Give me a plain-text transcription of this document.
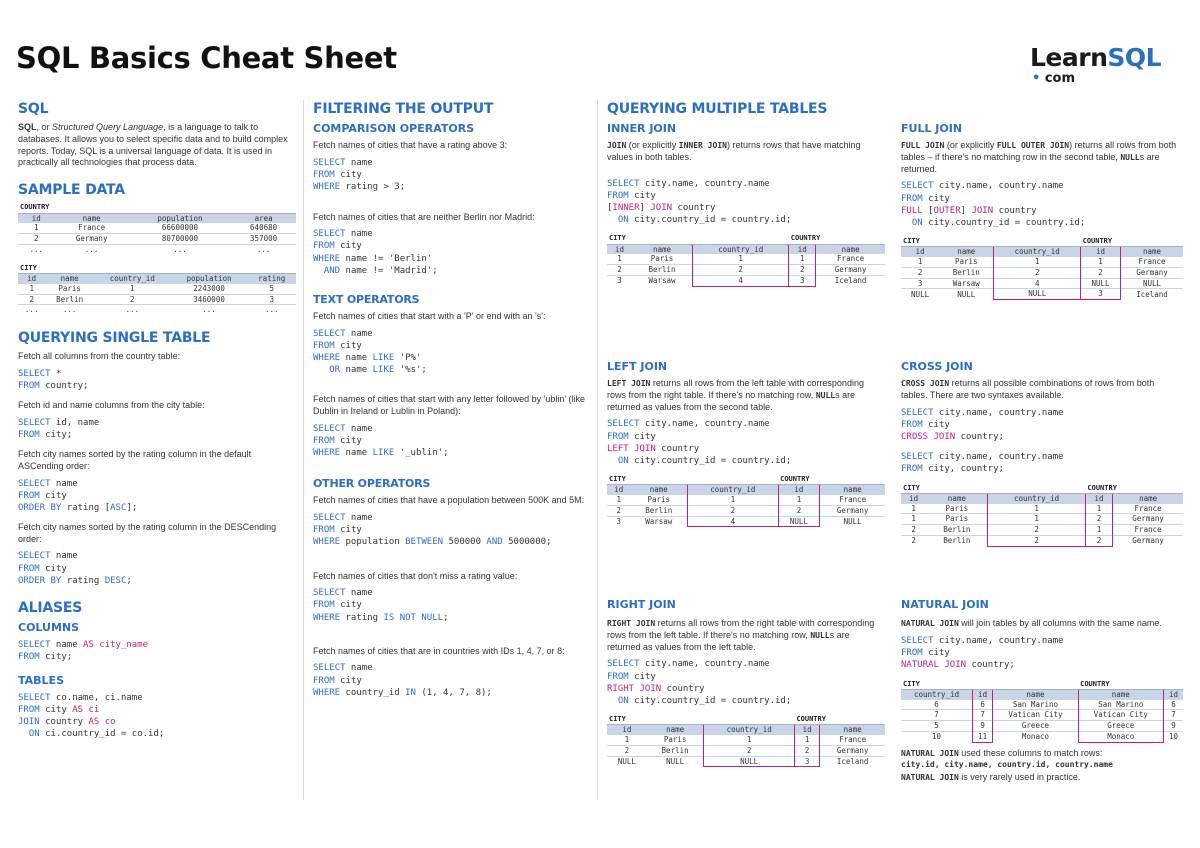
SQL Basics Cheat Sheet	LearnSQL
• com
SQL
SQL, or Structured Query Language, is a language to talk to databases. It allows you to select specific data and to build complex reports. Today, SQL is a universal language of data. It is used in practically all technologies that process data.
SAMPLE DATA
COUNTRY			
id	name	population	area
1	France	66600000	640680
2	Germany	80700000	357000
...	...	...	...
CITY				
id	name	country_id	population	rating
1	Paris	1	2243000	5
2	Berlin	2	3460000	3
...	...	...	...	...
QUERYING SINGLE TABLE
Fetch all columns from the country table:
SELECT *
FROM country;
Fetch id and name columns from the city table:
SELECT id, name
FROM city;
Fetch city names sorted by the rating column in the default ASCending order:
SELECT name
FROM city
ORDER BY rating [ASC];
Fetch city names sorted by the rating column in the DESCending order:
SELECT name
FROM city
ORDER BY rating DESC;
ALIASES
COLUMNS
SELECT name AS city_name
FROM city;
TABLES
SELECT co.name, ci.name
FROM city AS ci
JOIN country AS co
ON ci.country_id = co.id;
FILTERING THE OUTPUT
COMPARISON OPERATORS
Fetch names of cities that have a rating above 3:
SELECT name
FROM city
WHERE rating > 3;
Fetch names of cities that are neither Berlin nor Madrid:
SELECT name
FROM city
WHERE name != 'Berlin'
AND name != 'Madrid';
TEXT OPERATORS
Fetch names of cities that start with a 'P' or end with an 's':
SELECT name
FROM city
WHERE name LIKE 'P%'
OR name LIKE '%s';
Fetch names of cities that start with any letter followed by 'ublin' (like Dublin in Ireland or Lublin in Poland):
SELECT name
FROM city
WHERE name LIKE '_ublin';
OTHER OPERATORS
Fetch names of cities that have a population between 500K and 5M:
SELECT name
FROM city
WHERE population BETWEEN 500000 AND 5000000;
Fetch names of cities that don't miss a rating value:
SELECT name
FROM city
WHERE rating IS NOT NULL;
Fetch names of cities that are in countries with IDs 1, 4, 7, or 8:
SELECT name
FROM city
WHERE country_id IN (1, 4, 7, 8);
QUERYING MULTIPLE TABLES
INNER JOIN
JOIN (or explicitly INNER JOIN) returns rows that have matching values in both tables.
SELECT city.name, country.name
FROM city
[INNER] JOIN country
ON city.country_id = country.id;
CITY			COUNTRY	
id	name	country_id	id	name
1	Paris	1	1	France
2	Berlin	2	2	Germany
3	Warsaw	4	3	Iceland
LEFT JOIN
LEFT JOIN returns all rows from the left table with corresponding rows from the right table. If there's no matching row, NULLs are returned as values from the second table.
SELECT city.name, country.name
FROM city
LEFT JOIN country
ON city.country_id = country.id;
CITY			COUNTRY	
id	name	country_id	id	name
1	Paris	1	1	France
2	Berlin	2	2	Germany
3	Warsaw	4	NULL	NULL
RIGHT JOIN
RIGHT JOIN returns all rows from the right table with corresponding rows from the left table. If there's no matching row, NULLs are returned as values from the left table.
SELECT city.name, country.name
FROM city
RIGHT JOIN country
ON city.country_id = country.id;
CITY			COUNTRY	
id	name	country_id	id	name
1	Paris	1	1	France
2	Berlin	2	2	Germany
NULL	NULL	NULL	3	Iceland
FULL JOIN
FULL JOIN (or explicitly FULL OUTER JOIN) returns all rows from both tables – if there's no matching row in the second table, NULLs are returned.
SELECT city.name, country.name
FROM city
FULL [OUTER] JOIN country
ON city.country_id = country.id;
CITY			COUNTRY	
id	name	country_id	id	name
1	Paris	1	1	France
2	Berlin	2	2	Germany
3	Warsaw	4	NULL	NULL
NULL	NULL	NULL	3	Iceland
CROSS JOIN
CROSS JOIN returns all possible combinations of rows from both tables. There are two syntaxes available.
SELECT city.name, country.name
FROM city
CROSS JOIN country;
SELECT city.name, country.name
FROM city, country;
CITY			COUNTRY	
id	name	country_id	id	name
1	Paris	1	1	France
1	Paris	1	2	Germany
2	Berlin	2	1	France
2	Berlin	2	2	Germany
NATURAL JOIN
NATURAL JOIN will join tables by all columns with the same name.
SELECT city.name, country.name
FROM city
NATURAL JOIN country;
CITY			COUNTRY	
country_id	id	name	name	id
6	6	San Marino	San Marino	6
7	7	Vatican City	Vatican City	7
5	9	Greece	Greece	9
10	11	Monaco	Monaco	10
NATURAL JOIN used these columns to match rows:
city.id, city.name, country.id, country.name
NATURAL JOIN is very rarely used in practice.
